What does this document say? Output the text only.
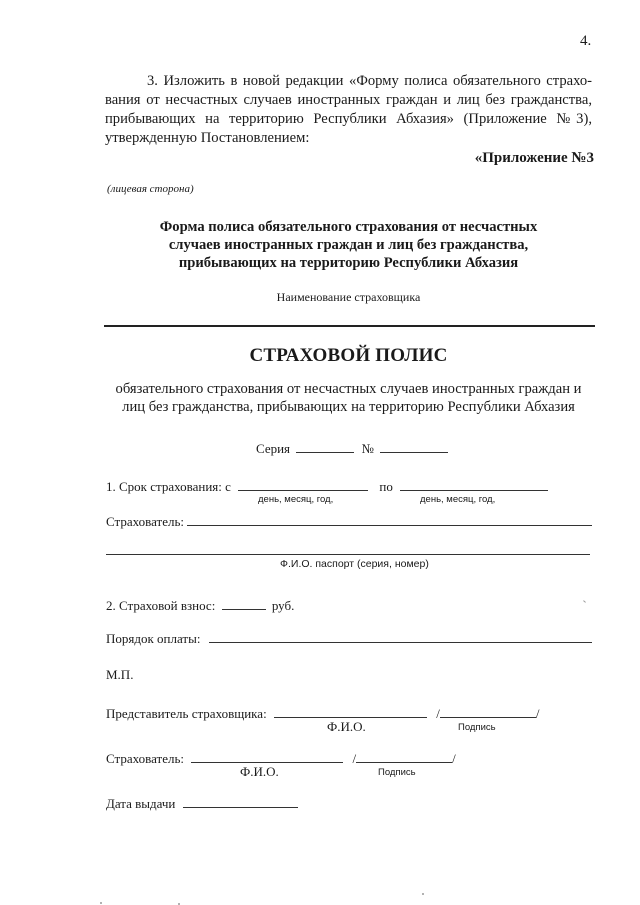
4.
3. Изложить в новой редакции «Форму полиса обязательного страхо-
вания от несчастных случаев иностранных граждан и лиц без гражданства,
прибывающих на территорию Республики Абхазия» (Приложение №3),
утвержденную Постановлением:
«Приложение №3
(лицевая сторона)
Форма полиса обязательного страхования от несчастных
случаев иностранных граждан и лиц без гражданства,
прибывающих на территорию Республики Абхазия
Наименование страховщика
СТРАХОВОЙ ПОЛИС
обязательного страхования от несчастных случаев иностранных граждан и
лиц без гражданства, прибывающих на территорию Республики Абхазия
Серия	№
1. Срок страхования: с	по
день, месяц, год,	день, месяц, год,
Страхователь:
Ф.И.О. паспорт (серия, номер)
2. Страховой взнос:	руб.
Порядок оплаты:
М.П.
Представитель страховщика:	/	/
Ф.И.О.	Подпись
Страхователь:	/	/
Ф.И.О.	Подпись
Дата выдачи
